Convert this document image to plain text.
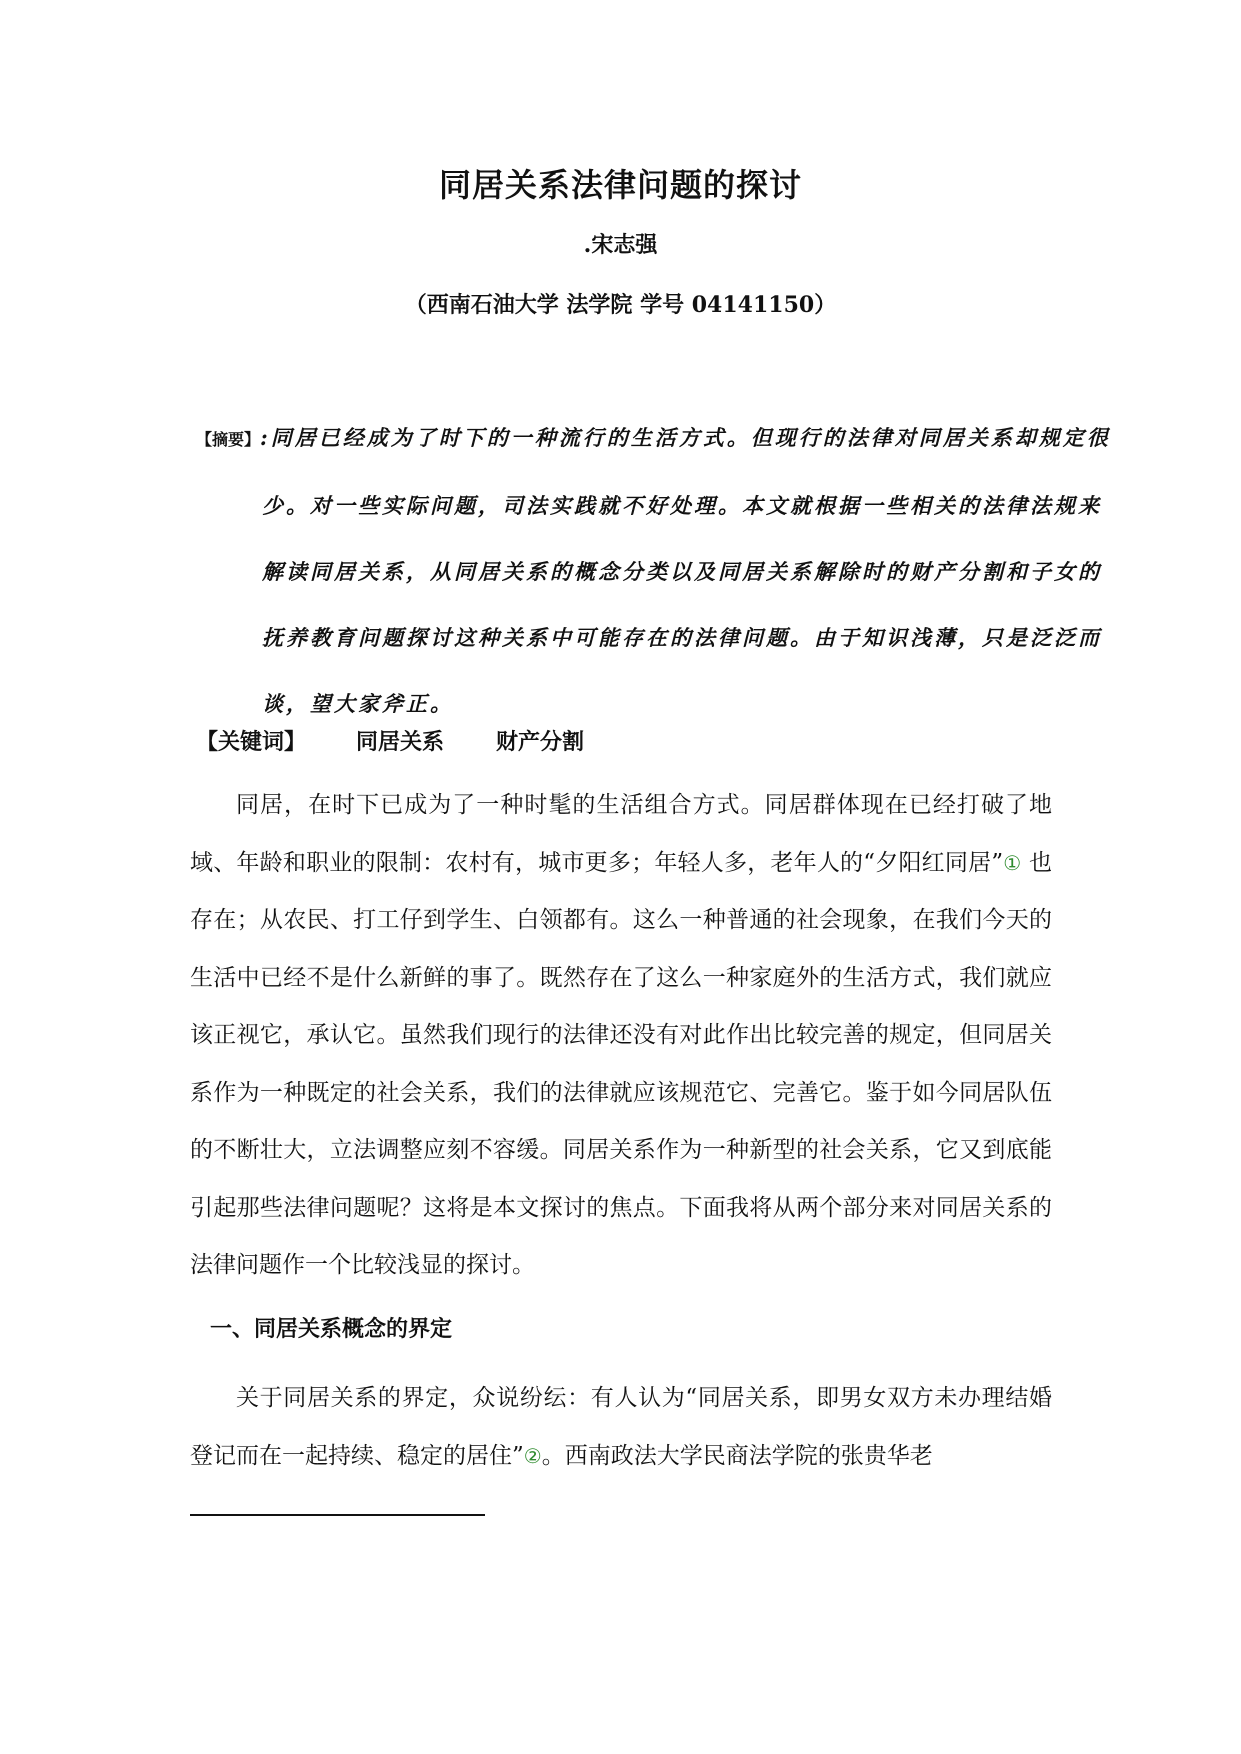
同居关系法律问题的探讨
.宋志强
（西南石油大学 法学院 学号 04141150）
【摘要】:同居已经成为了时下的一种流行的生活方式。但现行的法律对同居关系却规定很少。对一些实际问题，司法实践就不好处理。本文就根据一些相关的法律法规来解读同居关系，从同居关系的概念分类以及同居关系解除时的财产分割和子女的抚养教育问题探讨这种关系中可能存在的法律问题。由于知识浅薄，只是泛泛而谈，望大家斧正。
【关键词】 同居关系 财产分割

同居，在时下已成为了一种时髦的生活组合方式。同居群体现在已经打破了地域、年龄和职业的限制：农村有，城市更多；年轻人多，老年人的“夕阳红同居”① 也存在；从农民、打工仔到学生、白领都有。这么一种普通的社会现象，在我们今天的生活中已经不是什么新鲜的事了。既然存在了这么一种家庭外的生活方式，我们就应该正视它，承认它。虽然我们现行的法律还没有对此作出比较完善的规定，但同居关系作为一种既定的社会关系，我们的法律就应该规范它、完善它。鉴于如今同居队伍的不断壮大，立法调整应刻不容缓。同居关系作为一种新型的社会关系，它又到底能引起那些法律问题呢？这将是本文探讨的焦点。下面我将从两个部分来对同居关系的法律问题作一个比较浅显的探讨。

一、同居关系概念的界定

关于同居关系的界定，众说纷纭：有人认为“同居关系，即男女双方未办理结婚登记而在一起持续、稳定的居住”②。西南政法大学民商法学院的张贵华老
